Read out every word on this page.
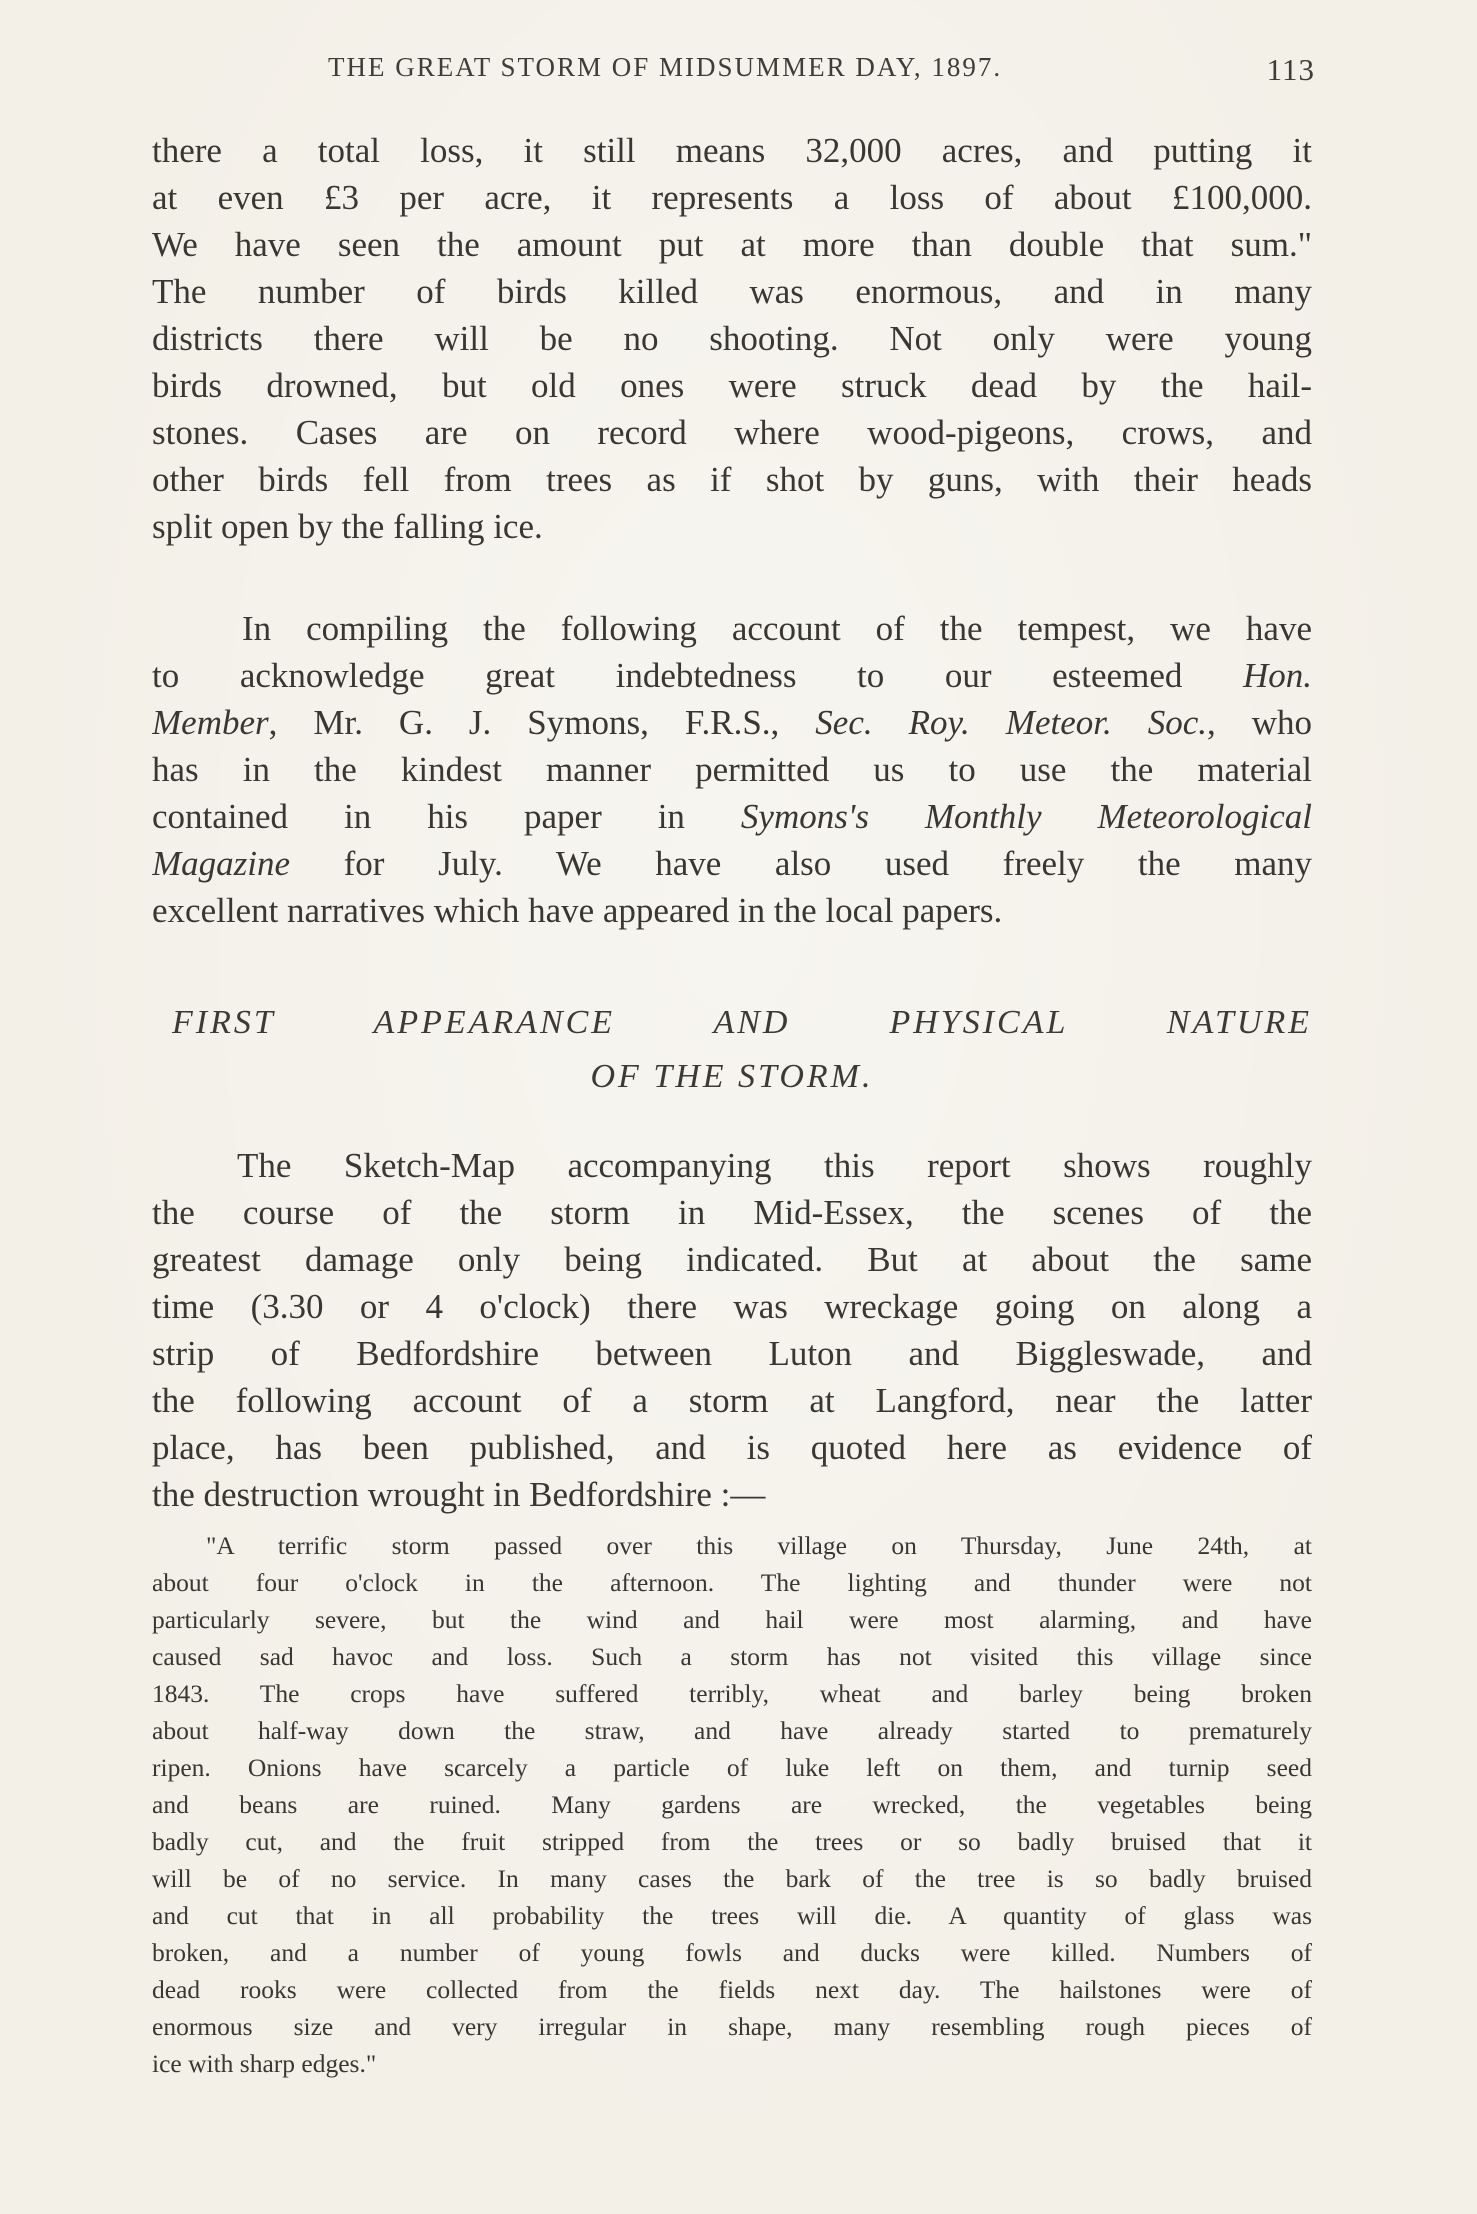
THE GREAT STORM OF MIDSUMMER DAY, 1897.	113
there a total loss, it still means 32,000 acres, and putting it
at even £3 per acre, it represents a loss of about £100,000.
We have seen the amount put at more than double that sum."
The number of birds killed was enormous, and in many
districts there will be no shooting. Not only were young
birds drowned, but old ones were struck dead by the hail-
stones. Cases are on record where wood-pigeons, crows, and
other birds fell from trees as if shot by guns, with their heads
split open by the falling ice.
In compiling the following account of the tempest, we have
to acknowledge great indebtedness to our esteemed Hon.
Member, Mr. G. J. Symons, F.R.S., Sec. Roy. Meteor. Soc., who
has in the kindest manner permitted us to use the material
contained in his paper in Symons's Monthly Meteorological
Magazine for July. We have also used freely the many
excellent narratives which have appeared in the local papers.
FIRST APPEARANCE AND PHYSICAL NATURE
OF THE STORM.
The Sketch-Map accompanying this report shows roughly
the course of the storm in Mid-Essex, the scenes of the
greatest damage only being indicated. But at about the same
time (3.30 or 4 o'clock) there was wreckage going on along a
strip of Bedfordshire between Luton and Biggleswade, and
the following account of a storm at Langford, near the latter
place, has been published, and is quoted here as evidence of
the destruction wrought in Bedfordshire :—
"A terrific storm passed over this village on Thursday, June 24th, at
about four o'clock in the afternoon. The lighting and thunder were not
particularly severe, but the wind and hail were most alarming, and have
caused sad havoc and loss. Such a storm has not visited this village since
1843. The crops have suffered terribly, wheat and barley being broken
about half-way down the straw, and have already started to prematurely
ripen. Onions have scarcely a particle of luke left on them, and turnip seed
and beans are ruined. Many gardens are wrecked, the vegetables being
badly cut, and the fruit stripped from the trees or so badly bruised that it
will be of no service. In many cases the bark of the tree is so badly bruised
and cut that in all probability the trees will die. A quantity of glass was
broken, and a number of young fowls and ducks were killed. Numbers of
dead rooks were collected from the fields next day. The hailstones were of
enormous size and very irregular in shape, many resembling rough pieces of
ice with sharp edges."
